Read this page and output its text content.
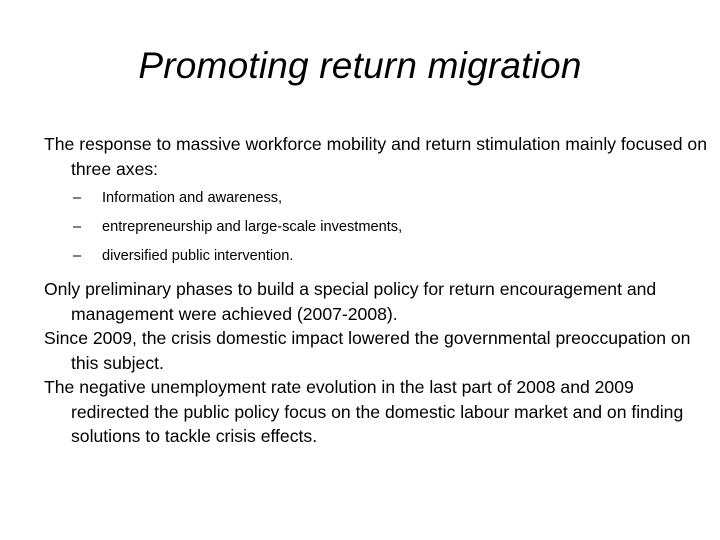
Promoting return migration

The response to massive workforce mobility and return stimulation mainly focused on three axes:

– Information and awareness,
– entrepreneurship and large-scale investments,
– diversified public intervention.

Only preliminary phases to build a special policy for return encouragement and management were achieved (2007-2008).

Since 2009, the crisis domestic impact lowered the governmental preoccupation on this subject.

The negative unemployment rate evolution in the last part of 2008 and 2009 redirected the public policy focus on the domestic labour market and on finding solutions to tackle crisis effects.
